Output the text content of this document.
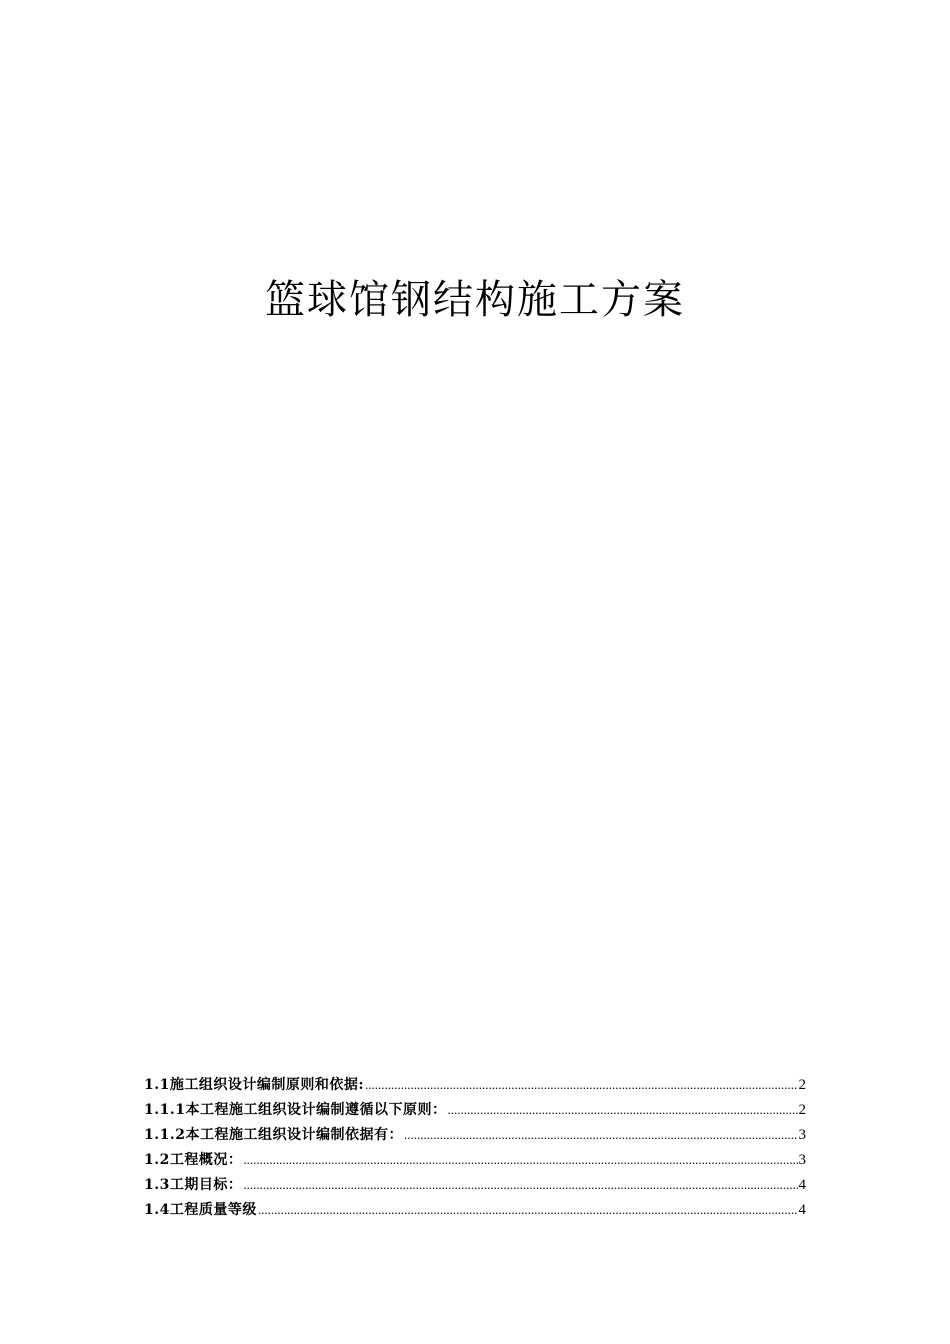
篮球馆钢结构施工方案
1.1施工组织设计编制原则和依据: .....	2
1.1.1本工程施工组织设计编制遵循以下原则： .....	2
1.1.2本工程施工组织设计编制依据有： .....	3
1.2工程概况： .....	3
1.3工期目标： .....	4
1.4工程质量等级 .....	4
